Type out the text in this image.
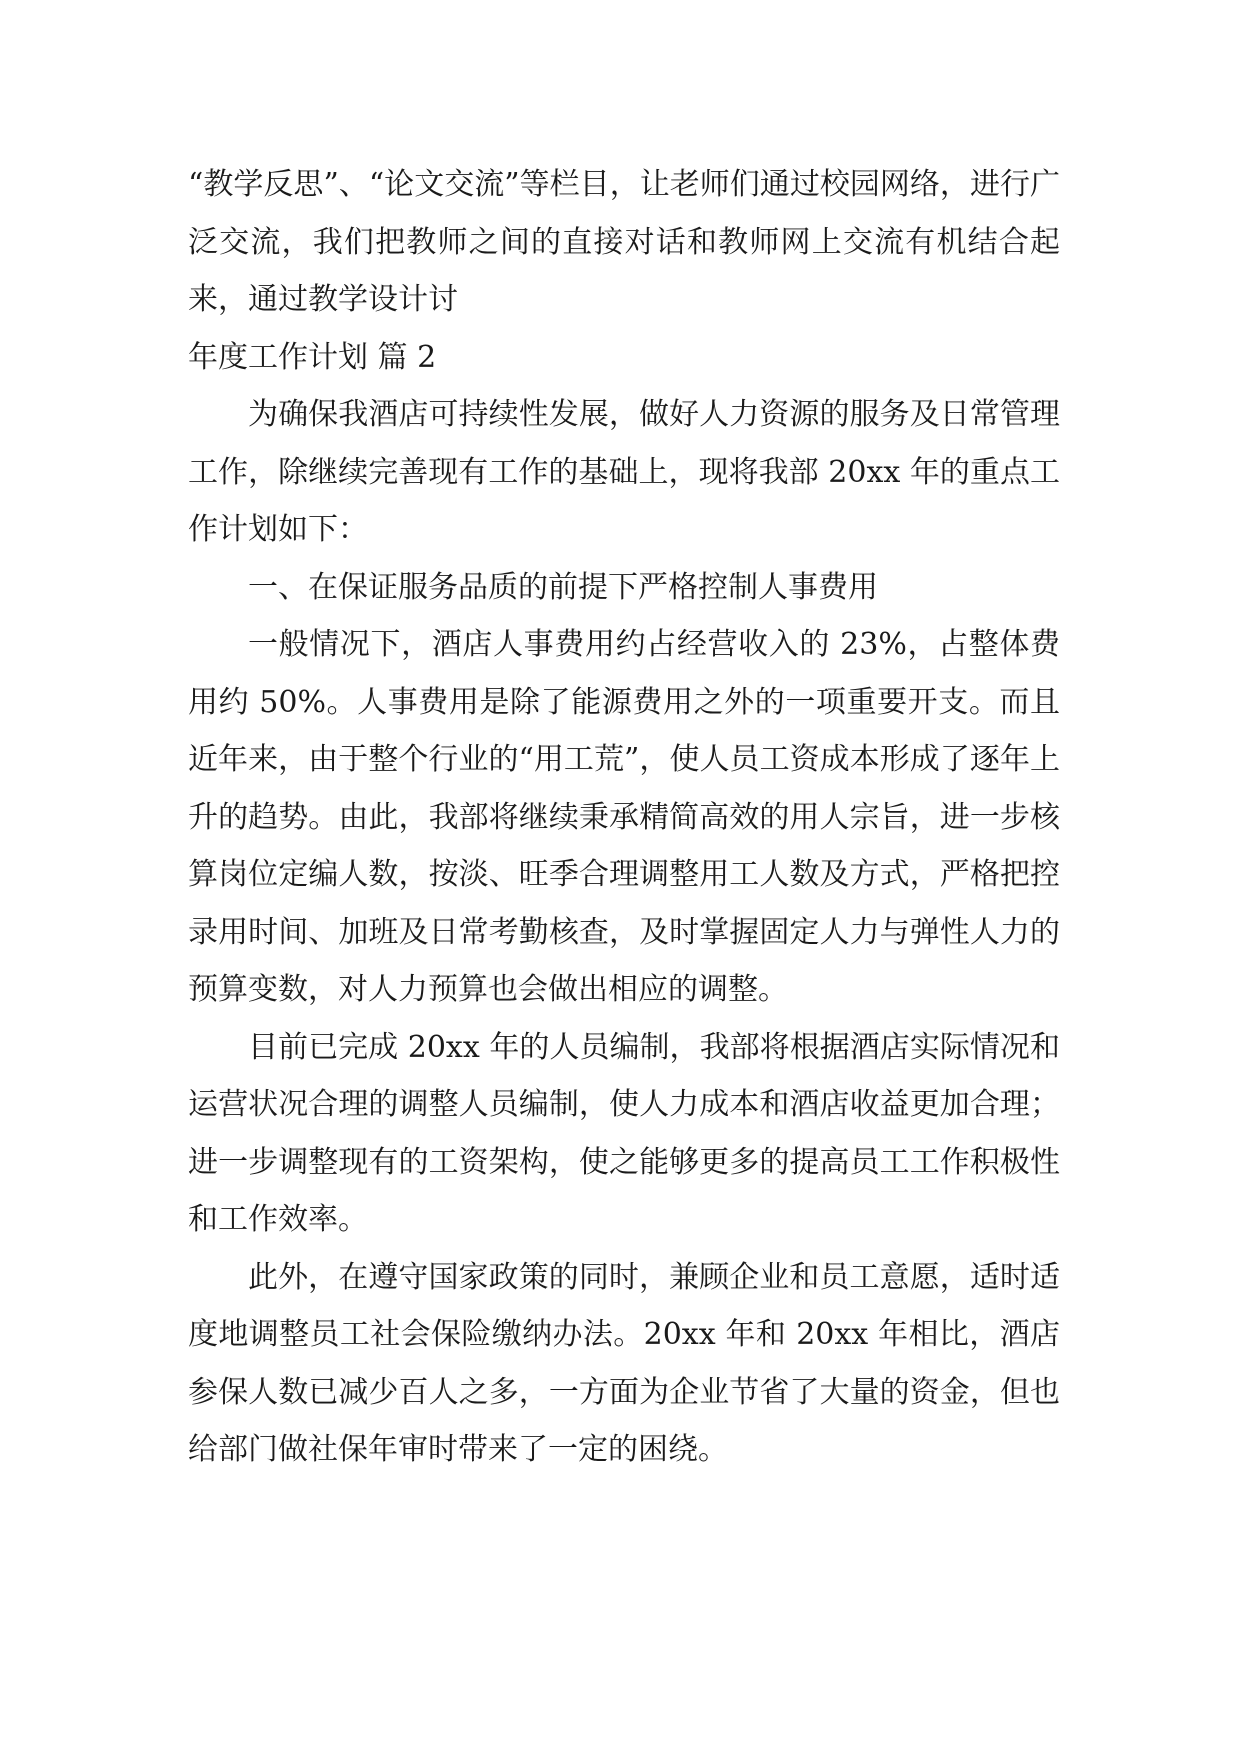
“教学反思”、“论文交流”等栏目，让老师们通过校园网络，进行广泛交流，我们把教师之间的直接对话和教师网上交流有机结合起来，通过教学设计讨

年度工作计划 篇 2

为确保我酒店可持续性发展，做好人力资源的服务及日常管理工作，除继续完善现有工作的基础上，现将我部 20xx 年的重点工作计划如下：

一、在保证服务品质的前提下严格控制人事费用

一般情况下，酒店人事费用约占经营收入的 23%，占整体费用约 50%。人事费用是除了能源费用之外的一项重要开支。而且近年来，由于整个行业的“用工荒”，使人员工资成本形成了逐年上升的趋势。由此，我部将继续秉承精简高效的用人宗旨，进一步核算岗位定编人数，按淡、旺季合理调整用工人数及方式，严格把控录用时间、加班及日常考勤核查，及时掌握固定人力与弹性人力的预算变数，对人力预算也会做出相应的调整。

目前已完成 20xx 年的人员编制，我部将根据酒店实际情况和运营状况合理的调整人员编制，使人力成本和酒店收益更加合理；进一步调整现有的工资架构，使之能够更多的提高员工工作积极性和工作效率。

此外，在遵守国家政策的同时，兼顾企业和员工意愿，适时适度地调整员工社会保险缴纳办法。20xx 年和 20xx 年相比，酒店参保人数已减少百人之多，一方面为企业节省了大量的资金，但也给部门做社保年审时带来了一定的困绕。
